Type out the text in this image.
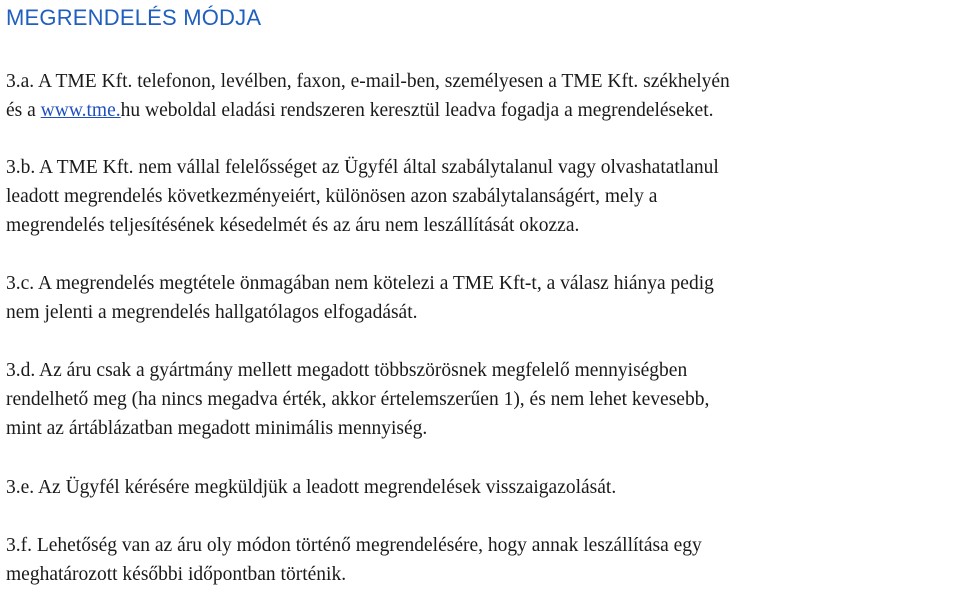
MEGRENDELÉS MÓDJA

3.a. A TME Kft. telefonon, levélben, faxon, e-mail-ben, személyesen a TME Kft. székhelyén
és a www.tme.hu weboldal eladási rendszeren keresztül leadva fogadja a megrendeléseket.

3.b. A TME Kft. nem vállal felelősséget az Ügyfél által szabálytalanul vagy olvashatatlanul
leadott megrendelés következményeiért, különösen azon szabálytalanságért, mely a
megrendelés teljesítésének késedelmét és az áru nem leszállítását okozza.

3.c. A megrendelés megtétele önmagában nem kötelezi a TME Kft-t, a válasz hiánya pedig
nem jelenti a megrendelés hallgatólagos elfogadását.

3.d. Az áru csak a gyártmány mellett megadott többszörösnek megfelelő mennyiségben
rendelhető meg (ha nincs megadva érték, akkor értelemszerűen 1), és nem lehet kevesebb,
mint az ártáblázatban megadott minimális mennyiség.

3.e. Az Ügyfél kérésére megküldjük a leadott megrendelések visszaigazolását.

3.f. Lehetőség van az áru oly módon történő megrendelésére, hogy annak leszállítása egy
meghatározott későbbi időpontban történik.
